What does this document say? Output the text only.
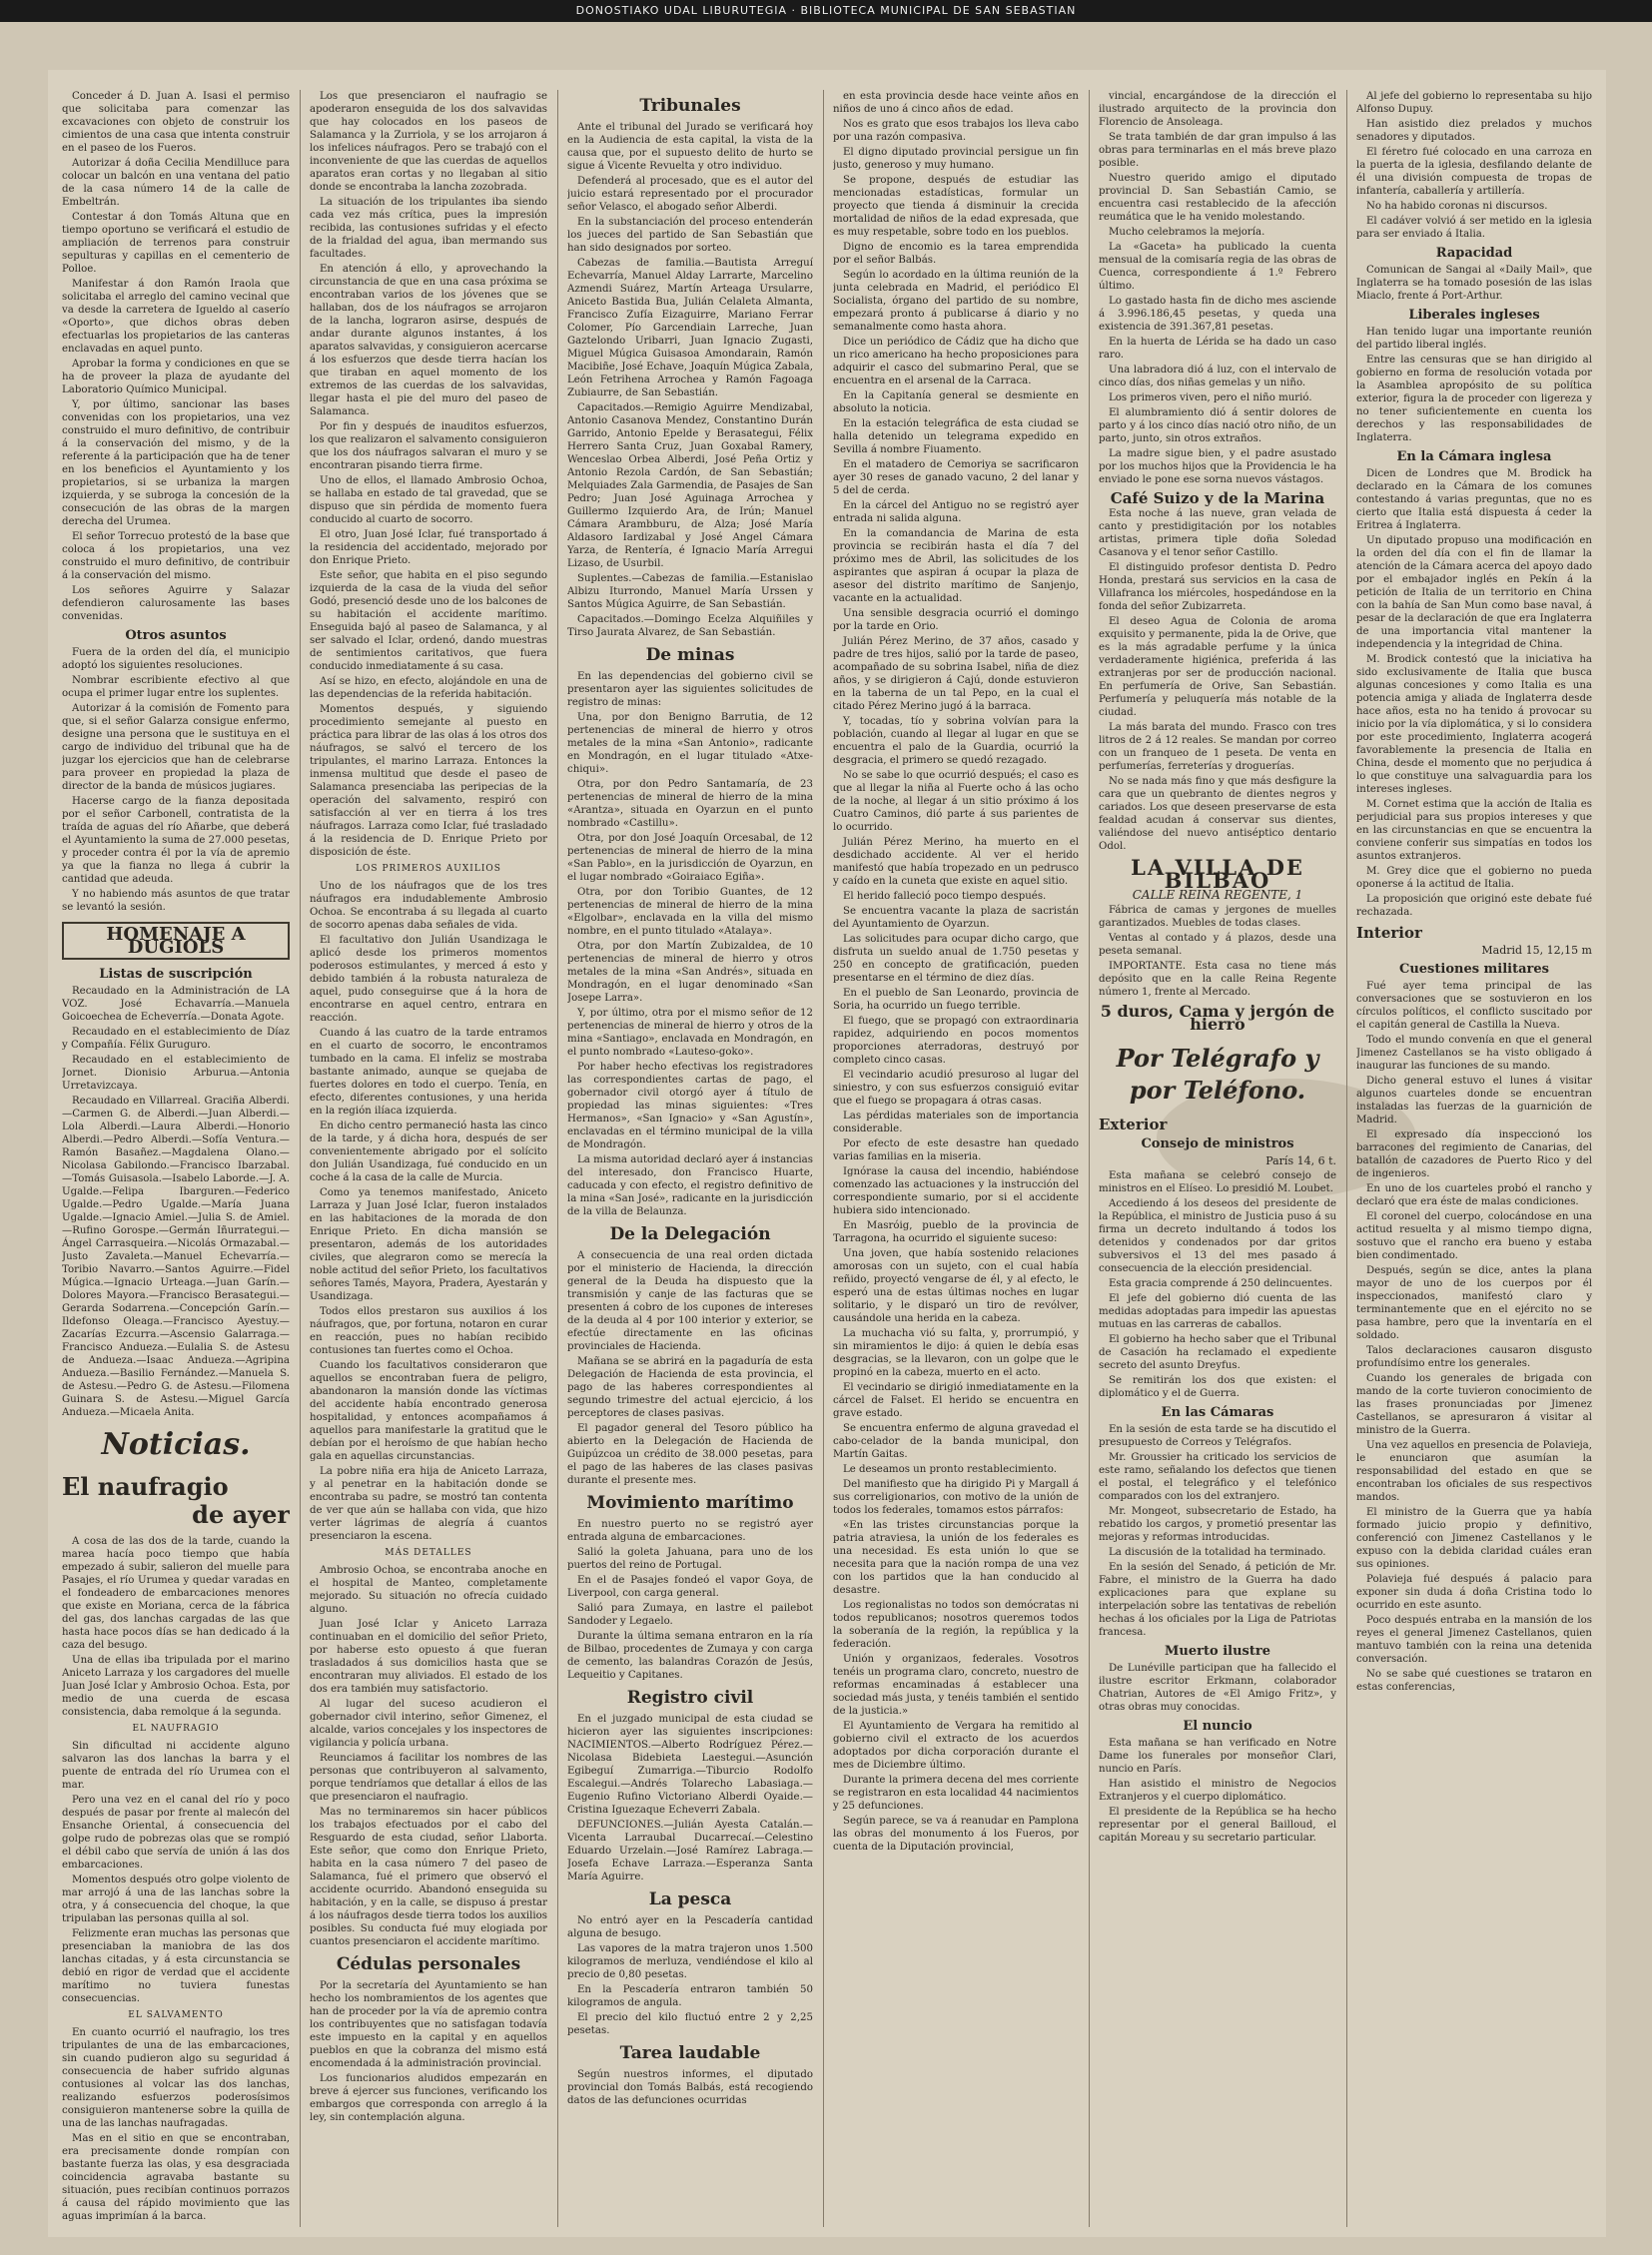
DONOSTIAKO UDAL LIBURUTEGIA · BIBLIOTECA MUNICIPAL DE SAN SEBASTIAN

Conceder á D. Juan A. Isasi el permiso que solicitaba para comenzar las excavaciones con objeto de construir los cimientos de una casa que intenta construir en el paseo de los Fueros.

Autorizar á doña Cecilia Mendilluce para colocar un balcón en una ventana del patio de la casa número 14 de la calle de Embeltrán.

Contestar á don Tomás Altuna que en tiempo oportuno se verificará el estudio de ampliación de terrenos para construir sepulturas y capillas en el cementerio de Polloe.

Manifestar á don Ramón Iraola que solicitaba el arreglo del camino vecinal que va desde la carretera de Igueldo al caserío «Oporto», que dichos obras deben efectuarlas los propietarios de las canteras enclavadas en aquel punto.

Aprobar la forma y condiciones en que se ha de proveer la plaza de ayudante del Laboratorio Químico Municipal.

Y, por último, sancionar las bases convenidas con los propietarios, una vez construido el muro definitivo, de contribuir á la conservación del mismo, y de la referente á la participación que ha de tener en los beneficios el Ayuntamiento y los propietarios, si se urbaniza la margen izquierda, y se subroga la concesión de la consecución de las obras de la margen derecha del Urumea.

El señor Torrecuo protestó de la base que coloca á los propietarios, una vez construido el muro definitivo, de contribuir á la conservación del mismo.

Los señores Aguirre y Salazar defendieron calurosamente las bases convenidas.

Otros asuntos

Fuera de la orden del día, el municipio adoptó los siguientes resoluciones.

Nombrar escribiente efectivo al que ocupa el primer lugar entre los suplentes.

Autorizar á la comisión de Fomento para que, si el señor Galarza consigue enfermo, designe una persona que le sustituya en el cargo de individuo del tribunal que ha de juzgar los ejercicios que han de celebrarse para proveer en propiedad la plaza de director de la banda de músicos jugiares.

Hacerse cargo de la fianza depositada por el señor Carbonell, contratista de la traída de aguas del río Añarbe, que deberá el Ayuntamiento la suma de 27.000 pesetas, y proceder contra él por la vía de apremio ya que la fianza no llega á cubrir la cantidad que adeuda.

Y no habiendo más asuntos de que tratar se levantó la sesión.

HOMENAJE A DUGIOLS
Listas de suscripción

Recaudado en la Administración de LA VOZ. José Echavarría.—Manuela Goicoechea de Echeverría.—Donata Agote.

Recaudado en el establecimiento de Díaz y Compañía. Félix Guruguro.

Recaudado en el establecimiento de Jornet. Dionisio Arburua.—Antonia Urretavizcaya.

Recaudado en Villarreal. Graciña Alberdi.—Carmen G. de Alberdi.—Juan Alberdi.—Lola Alberdi.—Laura Alberdi.—Honorio Alberdi.—Pedro Alberdi.—Sofía Ventura.—Ramón Basañez.—Magdalena Olano.—Nicolasa Gabilondo.—Francisco Ibarzabal.—Tomás Guisasola.—Isabelo Laborde.—J. A. Ugalde.—Felipa Ibarguren.—Federico Ugalde.—Pedro Ugalde.—María Juana Ugalde.—Ignacio Amiel.—Julia S. de Amiel.—Rufino Gorospe.—Germán Iñurrategui.—Ángel Carrasqueira.—Nicolás Ormazabal.—Justo Zavaleta.—Manuel Echevarría.—Toribio Navarro.—Santos Aguirre.—Fidel Múgica.—Ignacio Urteaga.—Juan Garín.—Dolores Mayora.—Francisco Berasategui.—Gerarda Sodarrena.—Concepción Garín.—Ildefonso Oleaga.—Francisco Ayestuy.—Zacarías Ezcurra.—Ascensio Galarraga.—Francisco Andueza.—Eulalia S. de Astesu de Andueza.—Isaac Andueza.—Agripina Andueza.—Basilio Fernández.—Manuela S. de Astesu.—Pedro G. de Astesu.—Filomena Guinara S. de Astesu.—Miguel García Andueza.—Micaela Anita.

Noticias.
El naufragio
de ayer

A cosa de las dos de la tarde, cuando la marea hacía poco tiempo que había empezado á subir, salieron del muelle para Pasajes, el río Urumea y quedar varadas en el fondeadero de embarcaciones menores que existe en Moriana, cerca de la fábrica del gas, dos lanchas cargadas de las que hasta hace pocos días se han dedicado á la caza del besugo.

Una de ellas iba tripulada por el marino Aniceto Larraza y los cargadores del muelle Juan José Iclar y Ambrosio Ochoa. Esta, por medio de una cuerda de escasa consistencia, daba remolque á la segunda.

EL NAUFRAGIO

Sin dificultad ni accidente alguno salvaron las dos lanchas la barra y el puente de entrada del río Urumea con el mar.

Pero una vez en el canal del río y poco después de pasar por frente al malecón del Ensanche Oriental, á consecuencia del golpe rudo de pobrezas olas que se rompió el débil cabo que servía de unión á las dos embarcaciones.

Momentos después otro golpe violento de mar arrojó á una de las lanchas sobre la otra, y á consecuencia del choque, la que tripulaban las personas quilla al sol.

Felizmente eran muchas las personas que presenciaban la maniobra de las dos lanchas citadas, y á esta circunstancia se debió en rigor de verdad que el accidente marítimo no tuviera funestas consecuencias.

EL SALVAMENTO

En cuanto ocurrió el naufragio, los tres tripulantes de una de las embarcaciones, sin cuando pudieron algo su seguridad á consecuencia de haber sufrido algunas contusiones al volcar las dos lanchas, realizando esfuerzos poderosísimos consiguieron mantenerse sobre la quilla de una de las lanchas naufragadas.

Mas en el sitio en que se encontraban, era precisamente donde rompían con bastante fuerza las olas, y esa desgraciada coincidencia agravaba bastante su situación, pues recibían continuos porrazos á causa del rápido movimiento que las aguas imprimían á la barca.

Los que presenciaron el naufragio se apoderaron enseguida de los dos salvavidas que hay colocados en los paseos de Salamanca y la Zurriola, y se los arrojaron á los infelices náufragos. Pero se trabajó con el inconveniente de que las cuerdas de aquellos aparatos eran cortas y no llegaban al sitio donde se encontraba la lancha zozobrada.

La situación de los tripulantes iba siendo cada vez más crítica, pues la impresión recibida, las contusiones sufridas y el efecto de la frialdad del agua, iban mermando sus facultades.

En atención á ello, y aprovechando la circunstancia de que en una casa próxima se encontraban varios de los jóvenes que se hallaban, dos de los náufragos se arrojaron de la lancha, lograron asirse, después de andar durante algunos instantes, á los aparatos salvavidas, y consiguieron acercarse á los esfuerzos que desde tierra hacían los que tiraban en aquel momento de los extremos de las cuerdas de los salvavidas, llegar hasta el pie del muro del paseo de Salamanca.

Por fin y después de inauditos esfuerzos, los que realizaron el salvamento consiguieron que los dos náufragos salvaran el muro y se encontraran pisando tierra firme.

Uno de ellos, el llamado Ambrosio Ochoa, se hallaba en estado de tal gravedad, que se dispuso que sin pérdida de momento fuera conducido al cuarto de socorro.

El otro, Juan José Iclar, fué transportado á la residencia del accidentado, mejorado por don Enrique Prieto.

Este señor, que habita en el piso segundo izquierda de la casa de la viuda del señor Godó, presenció desde uno de los balcones de su habitación el accidente marítimo. Enseguida bajó al paseo de Salamanca, y al ser salvado el Iclar, ordenó, dando muestras de sentimientos caritativos, que fuera conducido inmediatamente á su casa.

Así se hizo, en efecto, alojándole en una de las dependencias de la referida habitación.

Momentos después, y siguiendo procedimiento semejante al puesto en práctica para librar de las olas á los otros dos náufragos, se salvó el tercero de los tripulantes, el marino Larraza. Entonces la inmensa multitud que desde el paseo de Salamanca presenciaba las peripecias de la operación del salvamento, respiró con satisfacción al ver en tierra á los tres náufragos. Larraza como Iclar, fué trasladado á la residencia de D. Enrique Prieto por disposición de éste.

LOS PRIMEROS AUXILIOS

Uno de los náufragos que de los tres náufragos era indudablemente Ambrosio Ochoa. Se encontraba á su llegada al cuarto de socorro apenas daba señales de vida.

El facultativo don Julián Usandizaga le aplicó desde los primeros momentos poderosos estimulantes, y merced á esto y debido también á la robusta naturaleza de aquel, pudo conseguirse que á la hora de encontrarse en aquel centro, entrara en reacción.

Cuando á las cuatro de la tarde entramos en el cuarto de socorro, le encontramos tumbado en la cama. El infeliz se mostraba bastante animado, aunque se quejaba de fuertes dolores en todo el cuerpo. Tenía, en efecto, diferentes contusiones, y una herida en la región ilíaca izquierda.

En dicho centro permaneció hasta las cinco de la tarde, y á dicha hora, después de ser convenientemente abrigado por el solícito don Julián Usandizaga, fué conducido en un coche á la casa de la calle de Murcia.

Como ya tenemos manifestado, Aniceto Larraza y Juan José Iclar, fueron instalados en las habitaciones de la morada de don Enrique Prieto. En dicha mansión se presentaron, además de los autoridades civiles, que alegraron como se merecía la noble actitud del señor Prieto, los facultativos señores Tamés, Mayora, Pradera, Ayestarán y Usandizaga.

Todos ellos prestaron sus auxilios á los náufragos, que, por fortuna, notaron en curar en reacción, pues no habían recibido contusiones tan fuertes como el Ochoa.

Cuando los facultativos consideraron que aquellos se encontraban fuera de peligro, abandonaron la mansión donde las víctimas del accidente había encontrado generosa hospitalidad, y entonces acompañamos á aquellos para manifestarle la gratitud que le debían por el heroísmo de que habían hecho gala en aquellas circunstancias.

La pobre niña era hija de Aniceto Larraza, y al penetrar en la habitación donde se encontraba su padre, se mostró tan contenta de ver que aún se hallaba con vida, que hizo verter lágrimas de alegría á cuantos presenciaron la escena.

MÁS DETALLES

Ambrosio Ochoa, se encontraba anoche en el hospital de Manteo, completamente mejorado. Su situación no ofrecía cuidado alguno.

Juan José Iclar y Aniceto Larraza continuaban en el domicilio del señor Prieto, por haberse esto opuesto á que fueran trasladados á sus domicilios hasta que se encontraran muy aliviados. El estado de los dos era también muy satisfactorio.

Al lugar del suceso acudieron el gobernador civil interino, señor Gimenez, el alcalde, varios concejales y los inspectores de vigilancia y policía urbana.

Reunciamos á facilitar los nombres de las personas que contribuyeron al salvamento, porque tendríamos que detallar á ellos de las que presenciaron el naufragio.

Mas no terminaremos sin hacer públicos los trabajos efectuados por el cabo del Resguardo de esta ciudad, señor Llaborta. Este señor, que como don Enrique Prieto, habita en la casa número 7 del paseo de Salamanca, fué el primero que observó el accidente ocurrido. Abandonó enseguida su habitación, y en la calle, se dispuso á prestar á los náufragos desde tierra todos los auxilios posibles. Su conducta fué muy elogiada por cuantos presenciaron el accidente marítimo.

Cédulas personales

Por la secretaría del Ayuntamiento se han hecho los nombramientos de los agentes que han de proceder por la vía de apremio contra los contribuyentes que no satisfagan todavía este impuesto en la capital y en aquellos pueblos en que la cobranza del mismo está encomendada á la administración provincial.

Los funcionarios aludidos empezarán en breve á ejercer sus funciones, verificando los embargos que corresponda con arreglo á la ley, sin contemplación alguna.

Tribunales

Ante el tribunal del Jurado se verificará hoy en la Audiencia de esta capital, la vista de la causa que, por el supuesto delito de hurto se sigue á Vicente Revuelta y otro individuo.

Defenderá al procesado, que es el autor del juicio estará representado por el procurador señor Velasco, el abogado señor Alberdi.

En la substanciación del proceso entenderán los jueces del partido de San Sebastián que han sido designados por sorteo.

Cabezas de familia.—Bautista Arreguí Echevarría, Manuel Alday Larrarte, Marcelino Azmendi Suárez, Martín Arteaga Ursularre, Aniceto Bastida Bua, Julián Celaleta Almanta, Francisco Zufía Eizaguirre, Mariano Ferrar Colomer, Pío Garcendiain Larreche, Juan Gaztelondo Uribarri, Juan Ignacio Zugasti, Miguel Múgica Guisasoa Amondarain, Ramón Macibiñe, José Echave, Joaquín Múgica Zabala, León Fetrihena Arrochea y Ramón Fagoaga Zubiaurre, de San Sebastián.

Capacitados.—Remigio Aguirre Mendizabal, Antonio Casanova Mendez, Constantino Durán Garrido, Antonio Epelde y Berasategui, Félix Herrero Santa Cruz, Juan Goxabal Ramery, Wenceslao Orbea Alberdi, José Peña Ortiz y Antonio Rezola Cardón, de San Sebastián; Melquiades Zala Garmendia, de Pasajes de San Pedro; Juan José Aguinaga Arrochea y Guillermo Izquierdo Ara, de Irún; Manuel Cámara Arambburu, de Alza; José María Aldasoro Iardizabal y José Angel Cámara Yarza, de Rentería, é Ignacio María Arregui Lizaso, de Usurbil.

Suplentes.—Cabezas de familia.—Estanislao Albizu Iturrondo, Manuel María Urssen y Santos Múgica Aguirre, de San Sebastián.

Capacitados.—Domingo Ecelza Alquiñiles y Tirso Jaurata Alvarez, de San Sebastián.

De minas

En las dependencias del gobierno civil se presentaron ayer las siguientes solicitudes de registro de minas:

Una, por don Benigno Barrutia, de 12 pertenencias de mineral de hierro y otros metales de la mina «San Antonio», radicante en Mondragón, en el lugar titulado «Atxe-chiqui».

Otra, por don Pedro Santamaría, de 23 pertenencias de mineral de hierro de la mina «Arantza», situada en Oyarzun en el punto nombrado «Castillu».

Otra, por don José Joaquín Orcesabal, de 12 pertenencias de mineral de hierro de la mina «San Pablo», en la jurisdicción de Oyarzun, en el lugar nombrado «Goiraiaco Egiña».

Otra, por don Toribio Guantes, de 12 pertenencias de mineral de hierro de la mina «Elgolbar», enclavada en la villa del mismo nombre, en el punto titulado «Atalaya».

Otra, por don Martín Zubizaldea, de 10 pertenencias de mineral de hierro y otros metales de la mina «San Andrés», situada en Mondragón, en el lugar denominado «San Josepe Larra».

Y, por último, otra por el mismo señor de 12 pertenencias de mineral de hierro y otros de la mina «Santiago», enclavada en Mondragón, en el punto nombrado «Lauteso-goko».

Por haber hecho efectivas los registradores las correspondientes cartas de pago, el gobernador civil otorgó ayer á título de propiedad las minas siguientes: «Tres Hermanos», «San Ignacio» y «San Agustín», enclavadas en el término municipal de la villa de Mondragón.

La misma autoridad declaró ayer á instancias del interesado, don Francisco Huarte, caducada y con efecto, el registro definitivo de la mina «San José», radicante en la jurisdicción de la villa de Belaunza.

De la Delegación

A consecuencia de una real orden dictada por el ministerio de Hacienda, la dirección general de la Deuda ha dispuesto que la transmisión y canje de las facturas que se presenten á cobro de los cupones de intereses de la deuda al 4 por 100 interior y exterior, se efectúe directamente en las oficinas provinciales de Hacienda.

Mañana se se abrirá en la pagaduría de esta Delegación de Hacienda de esta provincia, el pago de las haberes correspondientes al segundo trimestre del actual ejercicio, á los perceptores de clases pasivas.

El pagador general del Tesoro público ha abierto en la Delegación de Hacienda de Guipúzcoa un crédito de 38.000 pesetas, para el pago de las haberes de las clases pasivas durante el presente mes.

Movimiento marítimo

En nuestro puerto no se registró ayer entrada alguna de embarcaciones.

Salió la goleta Jahuana, para uno de los puertos del reino de Portugal.

En el de Pasajes fondeó el vapor Goya, de Liverpool, con carga general.

Salió para Zumaya, en lastre el pailebot Sandoder y Legaelo.

Durante la última semana entraron en la ría de Bilbao, procedentes de Zumaya y con carga de cemento, las balandras Corazón de Jesús, Lequeitio y Capitanes.

Registro civil

En el juzgado municipal de esta ciudad se hicieron ayer las siguientes inscripciones: NACIMIENTOS.—Alberto Rodríguez Pérez.—Nicolasa Bidebieta Laestegui.—Asunción Egibeguí Zumarriga.—Tiburcio Rodolfo Escalegui.—Andrés Tolarecho Labasiaga.—Eugenio Rufino Victoriano Alberdi Oyaide.—Cristina Iguezaque Echeverri Zabala.

DEFUNCIONES.—Julián Ayesta Catalán.—Vicenta Larraubal Ducarrecaí.—Celestino Eduardo Urzelain.—José Ramírez Labraga.—Josefa Echave Larraza.—Esperanza Santa María Aguirre.

La pesca

No entró ayer en la Pescadería cantidad alguna de besugo.

Las vapores de la matra trajeron unos 1.500 kilogramos de merluza, vendiéndose el kilo al precio de 0,80 pesetas.

En la Pescadería entraron también 50 kilogramos de angula.

El precio del kilo fluctuó entre 2 y 2,25 pesetas.

Tarea laudable

Según nuestros informes, el diputado provincial don Tomás Balbás, está recogiendo datos de las defunciones ocurridas

en esta provincia desde hace veinte años en niños de uno á cinco años de edad.

Nos es grato que esos trabajos los lleva cabo por una razón compasiva.

El digno diputado provincial persigue un fin justo, generoso y muy humano.

Se propone, después de estudiar las mencionadas estadísticas, formular un proyecto que tienda á disminuir la crecida mortalidad de niños de la edad expresada, que es muy respetable, sobre todo en los pueblos.

Digno de encomio es la tarea emprendida por el señor Balbás.

Según lo acordado en la última reunión de la junta celebrada en Madrid, el periódico El Socialista, órgano del partido de su nombre, empezará pronto á publicarse á diario y no semanalmente como hasta ahora.

Dice un periódico de Cádiz que ha dicho que un rico americano ha hecho proposiciones para adquirir el casco del submarino Peral, que se encuentra en el arsenal de la Carraca.

En la Capitanía general se desmiente en absoluto la noticia.

En la estación telegráfica de esta ciudad se halla detenido un telegrama expedido en Sevilla á nombre Fiuamento.

En el matadero de Cemoriya se sacrificaron ayer 30 reses de ganado vacuno, 2 del lanar y 5 del de cerda.

En la cárcel del Antiguo no se registró ayer entrada ni salida alguna.

En la comandancia de Marina de esta provincia se recibirán hasta el día 7 del próximo mes de Abril, las solicitudes de los aspirantes que aspiran á ocupar la plaza de asesor del distrito marítimo de Sanjenjo, vacante en la actualidad.

Una sensible desgracia ocurrió el domingo por la tarde en Orio.

Julián Pérez Merino, de 37 años, casado y padre de tres hijos, salió por la tarde de paseo, acompañado de su sobrina Isabel, niña de diez años, y se dirigieron á Cajú, donde estuvieron en la taberna de un tal Pepo, en la cual el citado Pérez Merino jugó á la barraca.

Y, tocadas, tío y sobrina volvían para la población, cuando al llegar al lugar en que se encuentra el palo de la Guardia, ocurrió la desgracia, el primero se quedó rezagado.

No se sabe lo que ocurrió después; el caso es que al llegar la niña al Fuerte ocho á las ocho de la noche, al llegar á un sitio próximo á los Cuatro Caminos, dió parte á sus parientes de lo ocurrido.

Julián Pérez Merino, ha muerto en el desdichado accidente. Al ver el herido manifestó que había tropezado en un pedrusco y caído en la cuneta que existe en aquel sitio.

El herido falleció poco tiempo después.

Se encuentra vacante la plaza de sacristán del Ayuntamiento de Oyarzun.

Las solicitudes para ocupar dicho cargo, que disfruta un sueldo anual de 1.750 pesetas y 250 en concepto de gratificación, pueden presentarse en el término de diez días.

En el pueblo de San Leonardo, provincia de Soria, ha ocurrido un fuego terrible.

El fuego, que se propagó con extraordinaria rapidez, adquiriendo en pocos momentos proporciones aterradoras, destruyó por completo cinco casas.

El vecindario acudió presuroso al lugar del siniestro, y con sus esfuerzos consiguió evitar que el fuego se propagara á otras casas.

Las pérdidas materiales son de importancia considerable.

Por efecto de este desastre han quedado varias familias en la miseria.

Ignórase la causa del incendio, habiéndose comenzado las actuaciones y la instrucción del correspondiente sumario, por si el accidente hubiera sido intencionado.

En Masróig, pueblo de la provincia de Tarragona, ha ocurrido el siguiente suceso:

Una joven, que había sostenido relaciones amorosas con un sujeto, con el cual había reñido, proyectó vengarse de él, y al efecto, le esperó una de estas últimas noches en lugar solitario, y le disparó un tiro de revólver, causándole una herida en la cabeza.

La muchacha vió su falta, y, prorrumpió, y sin miramientos le dijo: á quien le debía esas desgracias, se la llevaron, con un golpe que le propinó en la cabeza, muerto en el acto.

El vecindario se dirigió inmediatamente en la cárcel de Falset. El herido se encuentra en grave estado.

Se encuentra enfermo de alguna gravedad el cabo-celador de la banda municipal, don Martín Gaitas.

Le deseamos un pronto restablecimiento.

Del manifiesto que ha dirigido Pi y Margall á sus correligionarios, con motivo de la unión de todos los federales, tomamos estos párrafos:

«En las tristes circunstancias porque la patria atraviesa, la unión de los federales es una necesidad. Es esta unión lo que se necesita para que la nación rompa de una vez con los partidos que la han conducido al desastre.

Los regionalistas no todos son demócratas ni todos republicanos; nosotros queremos todos la soberanía de la región, la república y la federación.

Unión y organizaos, federales. Vosotros tenéis un programa claro, concreto, nuestro de reformas encaminadas á establecer una sociedad más justa, y tenéis también el sentido de la justicia.»

El Ayuntamiento de Vergara ha remitido al gobierno civil el extracto de los acuerdos adoptados por dicha corporación durante el mes de Diciembre último.

Durante la primera decena del mes corriente se registraron en esta localidad 44 nacimientos y 25 defunciones.

Según parece, se va á reanudar en Pamplona las obras del monumento á los Fueros, por cuenta de la Diputación provincial,

vincial, encargándose de la dirección el ilustrado arquitecto de la provincia don Florencio de Ansoleaga.

Se trata también de dar gran impulso á las obras para terminarlas en el más breve plazo posible.

Nuestro querido amigo el diputado provincial D. San Sebastián Camio, se encuentra casi restablecido de la afección reumática que le ha venido molestando.

Mucho celebramos la mejoría.

La «Gaceta» ha publicado la cuenta mensual de la comisaría regia de las obras de Cuenca, correspondiente á 1.º Febrero último.

Lo gastado hasta fin de dicho mes asciende á 3.996.186,45 pesetas, y queda una existencia de 391.367,81 pesetas.

En la huerta de Lérida se ha dado un caso raro.

Una labradora dió á luz, con el intervalo de cinco días, dos niñas gemelas y un niño.

Los primeros viven, pero el niño murió.

El alumbramiento dió á sentir dolores de parto y á los cinco días nació otro niño, de un parto, junto, sin otros extraños.

La madre sigue bien, y el padre asustado por los muchos hijos que la Providencia le ha enviado le pone ese sorna nuevos vástagos.

Café Suizo y de la Marina

Esta noche á las nueve, gran velada de canto y prestidigitación por los notables artistas, primera tiple doña Soledad Casanova y el tenor señor Castillo.

El distinguido profesor dentista D. Pedro Honda, prestará sus servicios en la casa de Villafranca los miércoles, hospedándose en la fonda del señor Zubizarreta.

El deseo Agua de Colonia de aroma exquisito y permanente, pida la de Orive, que es la más agradable perfume y la única verdaderamente higiénica, preferida á las extranjeras por ser de producción nacional. En perfumería de Orive, San Sebastián. Perfumería y peluquería más notable de la ciudad.

La más barata del mundo. Frasco con tres litros de 2 á 12 reales. Se mandan por correo con un franqueo de 1 peseta. De venta en perfumerías, ferreterías y droguerías.

No se nada más fino y que más desfigure la cara que un quebranto de dientes negros y cariados. Los que deseen preservarse de esta fealdad acudan á conservar sus dientes, valiéndose del nuevo antiséptico dentario Odol.

LA VILLA DE BILBAO
CALLE REINA REGENTE, 1

Fábrica de camas y jergones de muelles garantizados. Muebles de todas clases.

Ventas al contado y á plazos, desde una peseta semanal.

IMPORTANTE. Esta casa no tiene más depósito que en la calle Reina Regente número 1, frente al Mercado.

5 duros, Cama y jergón de hierro
Por Telégrafo y por Teléfono.
Exterior
Consejo de ministros
París 14, 6 t.

Esta mañana se celebró consejo de ministros en el Elíseo. Lo presidió M. Loubet.

Accediendo á los deseos del presidente de la República, el ministro de Justicia puso á su firma un decreto indultando á todos los detenidos y condenados por dar gritos subversivos el 13 del mes pasado á consecuencia de la elección presidencial.

Esta gracia comprende á 250 delincuentes.

El jefe del gobierno dió cuenta de las medidas adoptadas para impedir las apuestas mutuas en las carreras de caballos.

El gobierno ha hecho saber que el Tribunal de Casación ha reclamado el expediente secreto del asunto Dreyfus.

Se remitirán los dos que existen: el diplomático y el de Guerra.

En las Cámaras

En la sesión de esta tarde se ha discutido el presupuesto de Correos y Telégrafos.

Mr. Groussier ha criticado los servicios de este ramo, señalando los defectos que tienen el postal, el telegráfico y el telefónico comparados con los del extranjero.

Mr. Mongeot, subsecretario de Estado, ha rebatido los cargos, y prometió presentar las mejoras y reformas introducidas.

La discusión de la totalidad ha terminado.

En la sesión del Senado, á petición de Mr. Fabre, el ministro de la Guerra ha dado explicaciones para que explane su interpelación sobre las tentativas de rebelión hechas á los oficiales por la Liga de Patriotas francesa.

Muerto ilustre

De Lunéville participan que ha fallecido el ilustre escritor Erkmann, colaborador Chatrian, Autores de «El Amigo Fritz», y otras obras muy conocidas.

El nuncio

Esta mañana se han verificado en Notre Dame los funerales por monseñor Clari, nuncio en París.

Han asistido el ministro de Negocios Extranjeros y el cuerpo diplomático.

El presidente de la República se ha hecho representar por el general Bailloud, el capitán Moreau y su secretario particular.

Al jefe del gobierno lo representaba su hijo Alfonso Dupuy.

Han asistido diez prelados y muchos senadores y diputados.

El féretro fué colocado en una carroza en la puerta de la iglesia, desfilando delante de él una división compuesta de tropas de infantería, caballería y artillería.

No ha habido coronas ni discursos.

El cadáver volvió á ser metido en la iglesia para ser enviado á Italia.

Rapacidad

Comunican de Sangai al «Daily Mail», que Inglaterra se ha tomado posesión de las islas Miaclo, frente á Port-Arthur.

Liberales ingleses

Han tenido lugar una importante reunión del partido liberal inglés.

Entre las censuras que se han dirigido al gobierno en forma de resolución votada por la Asamblea apropósito de su política exterior, figura la de proceder con ligereza y no tener suficientemente en cuenta los derechos y las responsabilidades de Inglaterra.

En la Cámara inglesa

Dicen de Londres que M. Brodick ha declarado en la Cámara de los comunes contestando á varias preguntas, que no es cierto que Italia está dispuesta á ceder la Eritrea á Inglaterra.

Un diputado propuso una modificación en la orden del día con el fin de llamar la atención de la Cámara acerca del apoyo dado por el embajador inglés en Pekín á la petición de Italia de un territorio en China con la bahía de San Mun como base naval, á pesar de la declaración de que era Inglaterra de una importancia vital mantener la independencia y la integridad de China.

M. Brodick contestó que la iniciativa ha sido exclusivamente de Italia que busca algunas concesiones y como Italia es una potencia amiga y aliada de Inglaterra desde hace años, esta no ha tenido á provocar su inicio por la vía diplomática, y si lo considera por este procedimiento, Inglaterra acogerá favorablemente la presencia de Italia en China, desde el momento que no perjudica á lo que constituye una salvaguardia para los intereses ingleses.

M. Cornet estima que la acción de Italia es perjudicial para sus propios intereses y que en las circunstancias en que se encuentra la conviene conferir sus simpatías en todos los asuntos extranjeros.

M. Grey dice que el gobierno no pueda oponerse á la actitud de Italia.

La proposición que originó este debate fué rechazada.

Interior
Madrid 15, 12,15 m
Cuestiones militares

Fué ayer tema principal de las conversaciones que se sostuvieron en los círculos políticos, el conflicto suscitado por el capitán general de Castilla la Nueva.

Todo el mundo convenía en que el general Jimenez Castellanos se ha visto obligado á inaugurar las funciones de su mando.

Dicho general estuvo el lunes á visitar algunos cuarteles donde se encuentran instaladas las fuerzas de la guarnición de Madrid.

El expresado día inspeccionó los barracones del regimiento de Canarias, del batallón de cazadores de Puerto Rico y del de ingenieros.

En uno de los cuarteles probó el rancho y declaró que era éste de malas condiciones.

El coronel del cuerpo, colocándose en una actitud resuelta y al mismo tiempo digna, sostuvo que el rancho era bueno y estaba bien condimentado.

Después, según se dice, antes la plana mayor de uno de los cuerpos por él inspeccionados, manifestó claro y terminantemente que en el ejército no se pasa hambre, pero que la inventaría en el soldado.

Talos declaraciones causaron disgusto profundísimo entre los generales.

Cuando los generales de brigada con mando de la corte tuvieron conocimiento de las frases pronunciadas por Jimenez Castellanos, se apresuraron á visitar al ministro de la Guerra.

Una vez aquellos en presencia de Polavieja, le enunciaron que asumían la responsabilidad del estado en que se encontraban los oficiales de sus respectivos mandos.

El ministro de la Guerra que ya había formado juicio propio y definitivo, conferenció con Jimenez Castellanos y le expuso con la debida claridad cuáles eran sus opiniones.

Polavieja fué después á palacio para exponer sin duda á doña Cristina todo lo ocurrido en este asunto.

Poco después entraba en la mansión de los reyes el general Jimenez Castellanos, quien mantuvo también con la reina una detenida conversación.

No se sabe qué cuestiones se trataron en estas conferencias,
